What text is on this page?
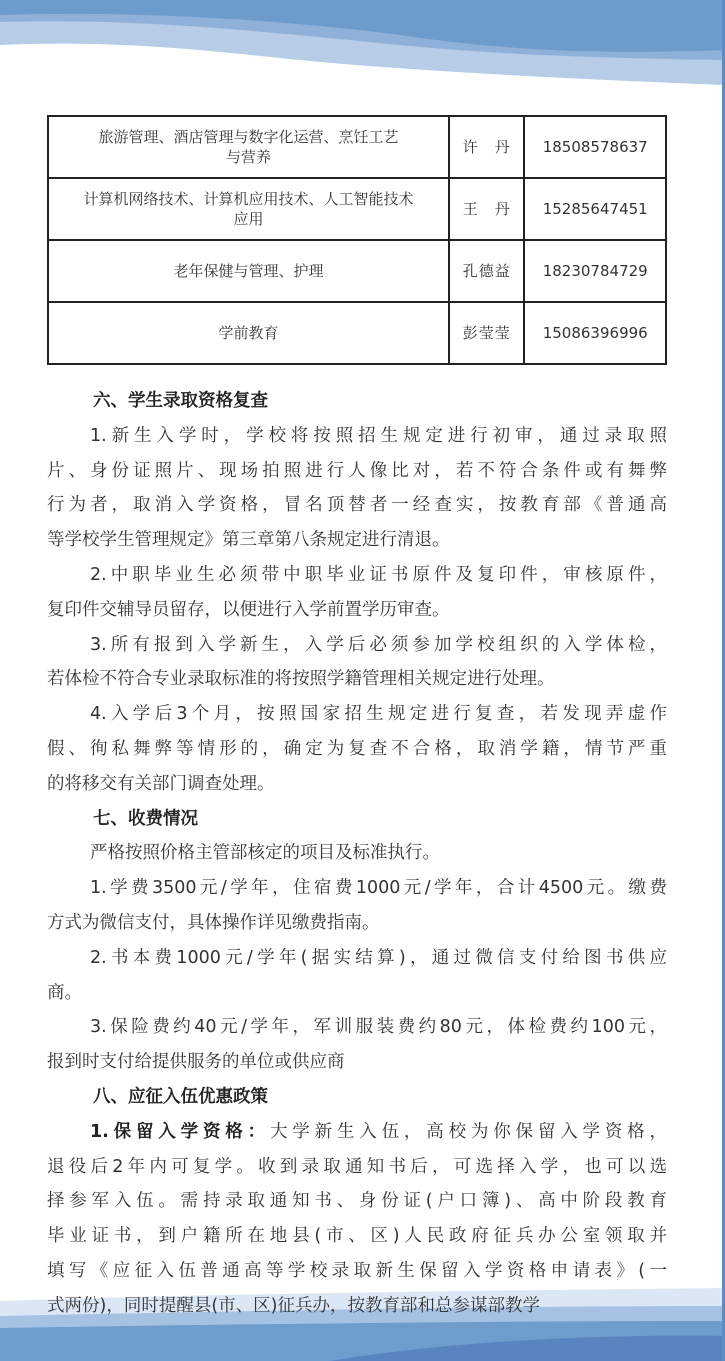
旅游管理、酒店管理与数字化运营、烹饪工艺
与营养	许　丹	18508578637

计算机网络技术、计算机应用技术、人工智能技术
应用	王　丹	15285647451

老年保健与管理、护理	孔德益	18230784729

学前教育	彭莹莹	15086396996
六、学生录取资格复查
1.新生入学时，学校将按照招生规定进行初审，通过录取照
片、身份证照片、现场拍照进行人像比对，若不符合条件或有舞弊
行为者，取消入学资格，冒名顶替者一经查实，按教育部《普通高
等学校学生管理规定》第三章第八条规定进行清退。
2.中职毕业生必须带中职毕业证书原件及复印件，审核原件，
复印件交辅导员留存，以便进行入学前置学历审查。
3.所有报到入学新生，入学后必须参加学校组织的入学体检，
若体检不符合专业录取标准的将按照学籍管理相关规定进行处理。
4.入学后3个月，按照国家招生规定进行复查，若发现弄虚作
假、徇私舞弊等情形的，确定为复查不合格，取消学籍，情节严重
的将移交有关部门调查处理。
七、收费情况
严格按照价格主管部核定的项目及标准执行。
1.学费3500元/学年，住宿费1000元/学年，合计4500元。缴费
方式为微信支付，具体操作详见缴费指南。
2.书本费1000元/学年(据实结算)，通过微信支付给图书供应
商。
3.保险费约40元/学年，军训服装费约80元，体检费约100元，
报到时支付给提供服务的单位或供应商
八、应征入伍优惠政策
1.保留入学资格：大学新生入伍，高校为你保留入学资格，
退役后2年内可复学。收到录取通知书后，可选择入学，也可以选
择参军入伍。需持录取通知书、身份证(户口簿)、高中阶段教育
毕业证书，到户籍所在地县(市、区)人民政府征兵办公室领取并
填写《应征入伍普通高等学校录取新生保留入学资格申请表》(一
式两份)，同时提醒县(市、区)征兵办，按教育部和总参谋部教学
